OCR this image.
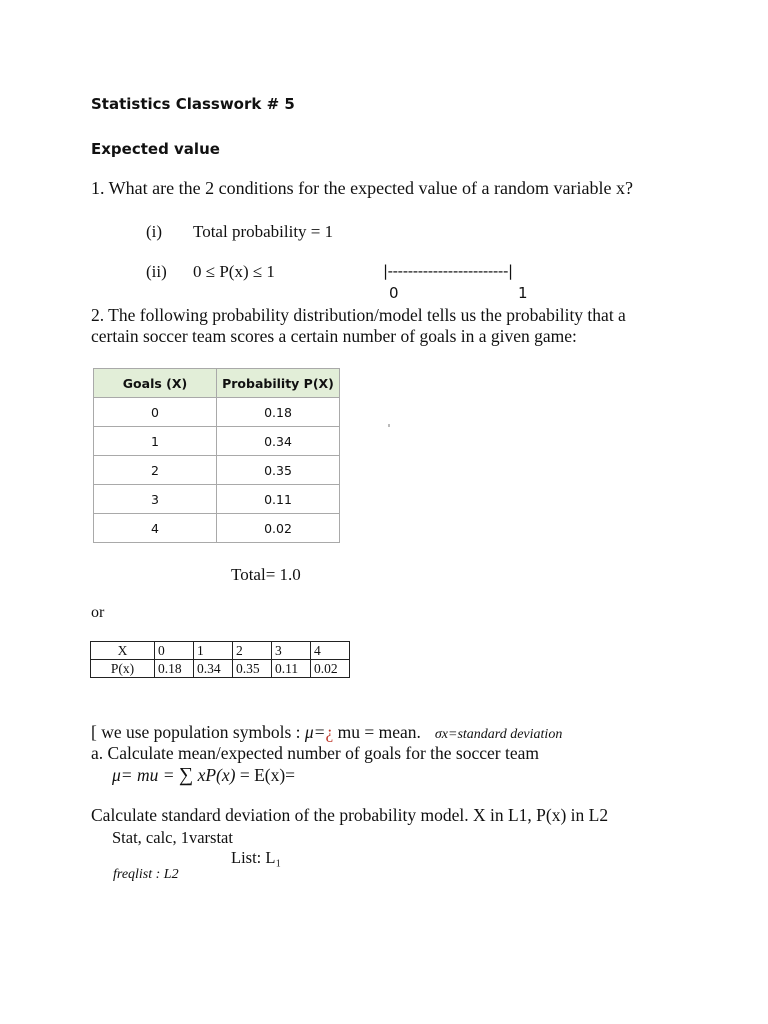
Statistics Classwork # 5
Expected value
1. What are the 2 conditions for the expected value of a random variable x?
(i) Total probability = 1
(ii) 0 ≤ P(x) ≤ 1	|------------------------|
0	1
2. The following probability distribution/model tells us the probability that a certain soccer team scores a certain number of goals in a given game:
Goals (X)	Probability P(X)
0	0.18
1	0.34
2	0.35
3	0.11
4	0.02
Total= 1.0
or
X	0	1	2	3	4
P(x)	0.18	0.34	0.35	0.11	0.02
[ we use population symbols : μ=¿ mu = mean. σx=standard deviation
a. Calculate mean/expected number of goals for the soccer team
μ= mu = ∑ xP(x) = E(x)=
Calculate standard deviation of the probability model. X in L1, P(x) in L2
Stat, calc, 1varstat
List: L₁
freqlist : L2
